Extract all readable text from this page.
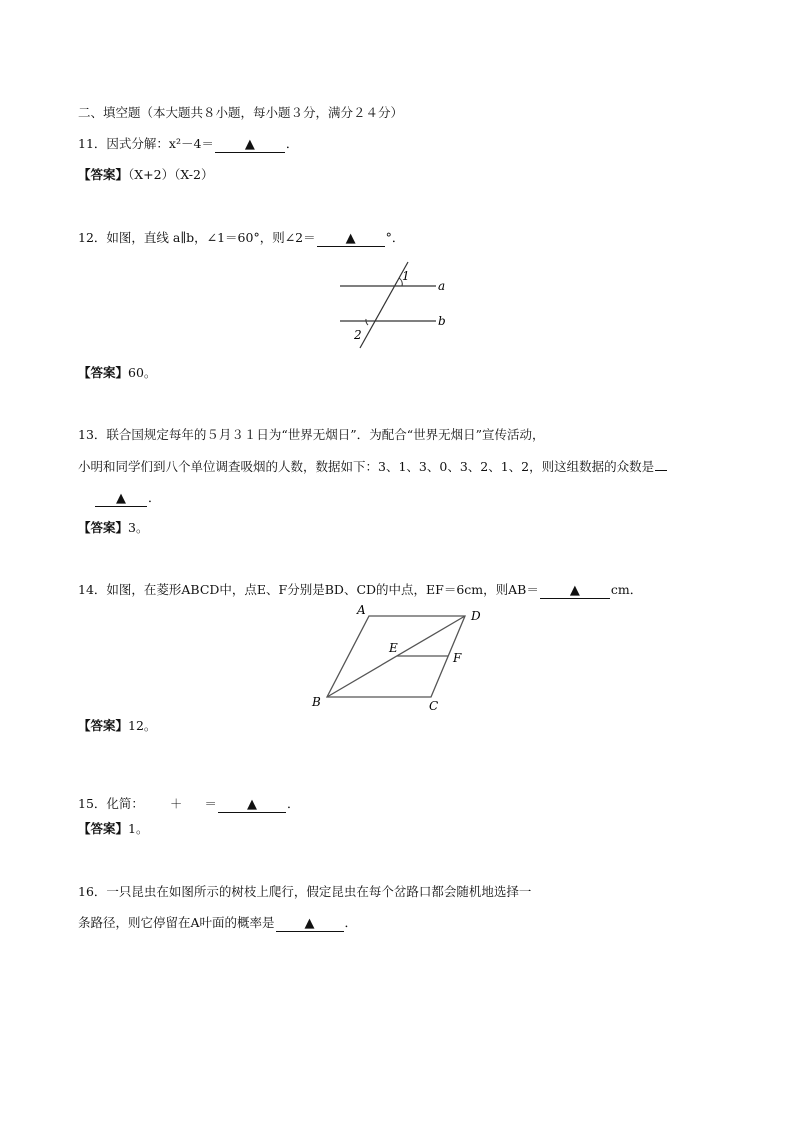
二、填空题（本大题共８小题，每小题３分，满分２４分）
11．因式分解：x²－4＝ ▲ ．
【答案】（X+2）（X-2）
12．如图，直线 a∥b，∠1＝60°，则∠2＝ ▲ °．
1
2
a
b
【答案】60。
13．联合国规定每年的５月３１日为“世界无烟日”．为配合“世界无烟日”宣传活动，
小明和同学们到八个单位调查吸烟的人数，数据如下：3、1、3、0、3、2、1、2，则这组数据的众数是
▲ ．
【答案】3。
14．如图，在菱形ABCD中，点E、F分别是BD、CD的中点，EF＝6cm，则AB＝ ▲ cm．
A	D
E
F
B	C
【答案】12。
15．化简： ＋ ＝ ▲ ．
【答案】1。
16．一只昆虫在如图所示的树枝上爬行，假定昆虫在每个岔路口都会随机地选择一
条路径，则它停留在A叶面的概率是 ▲ ．
